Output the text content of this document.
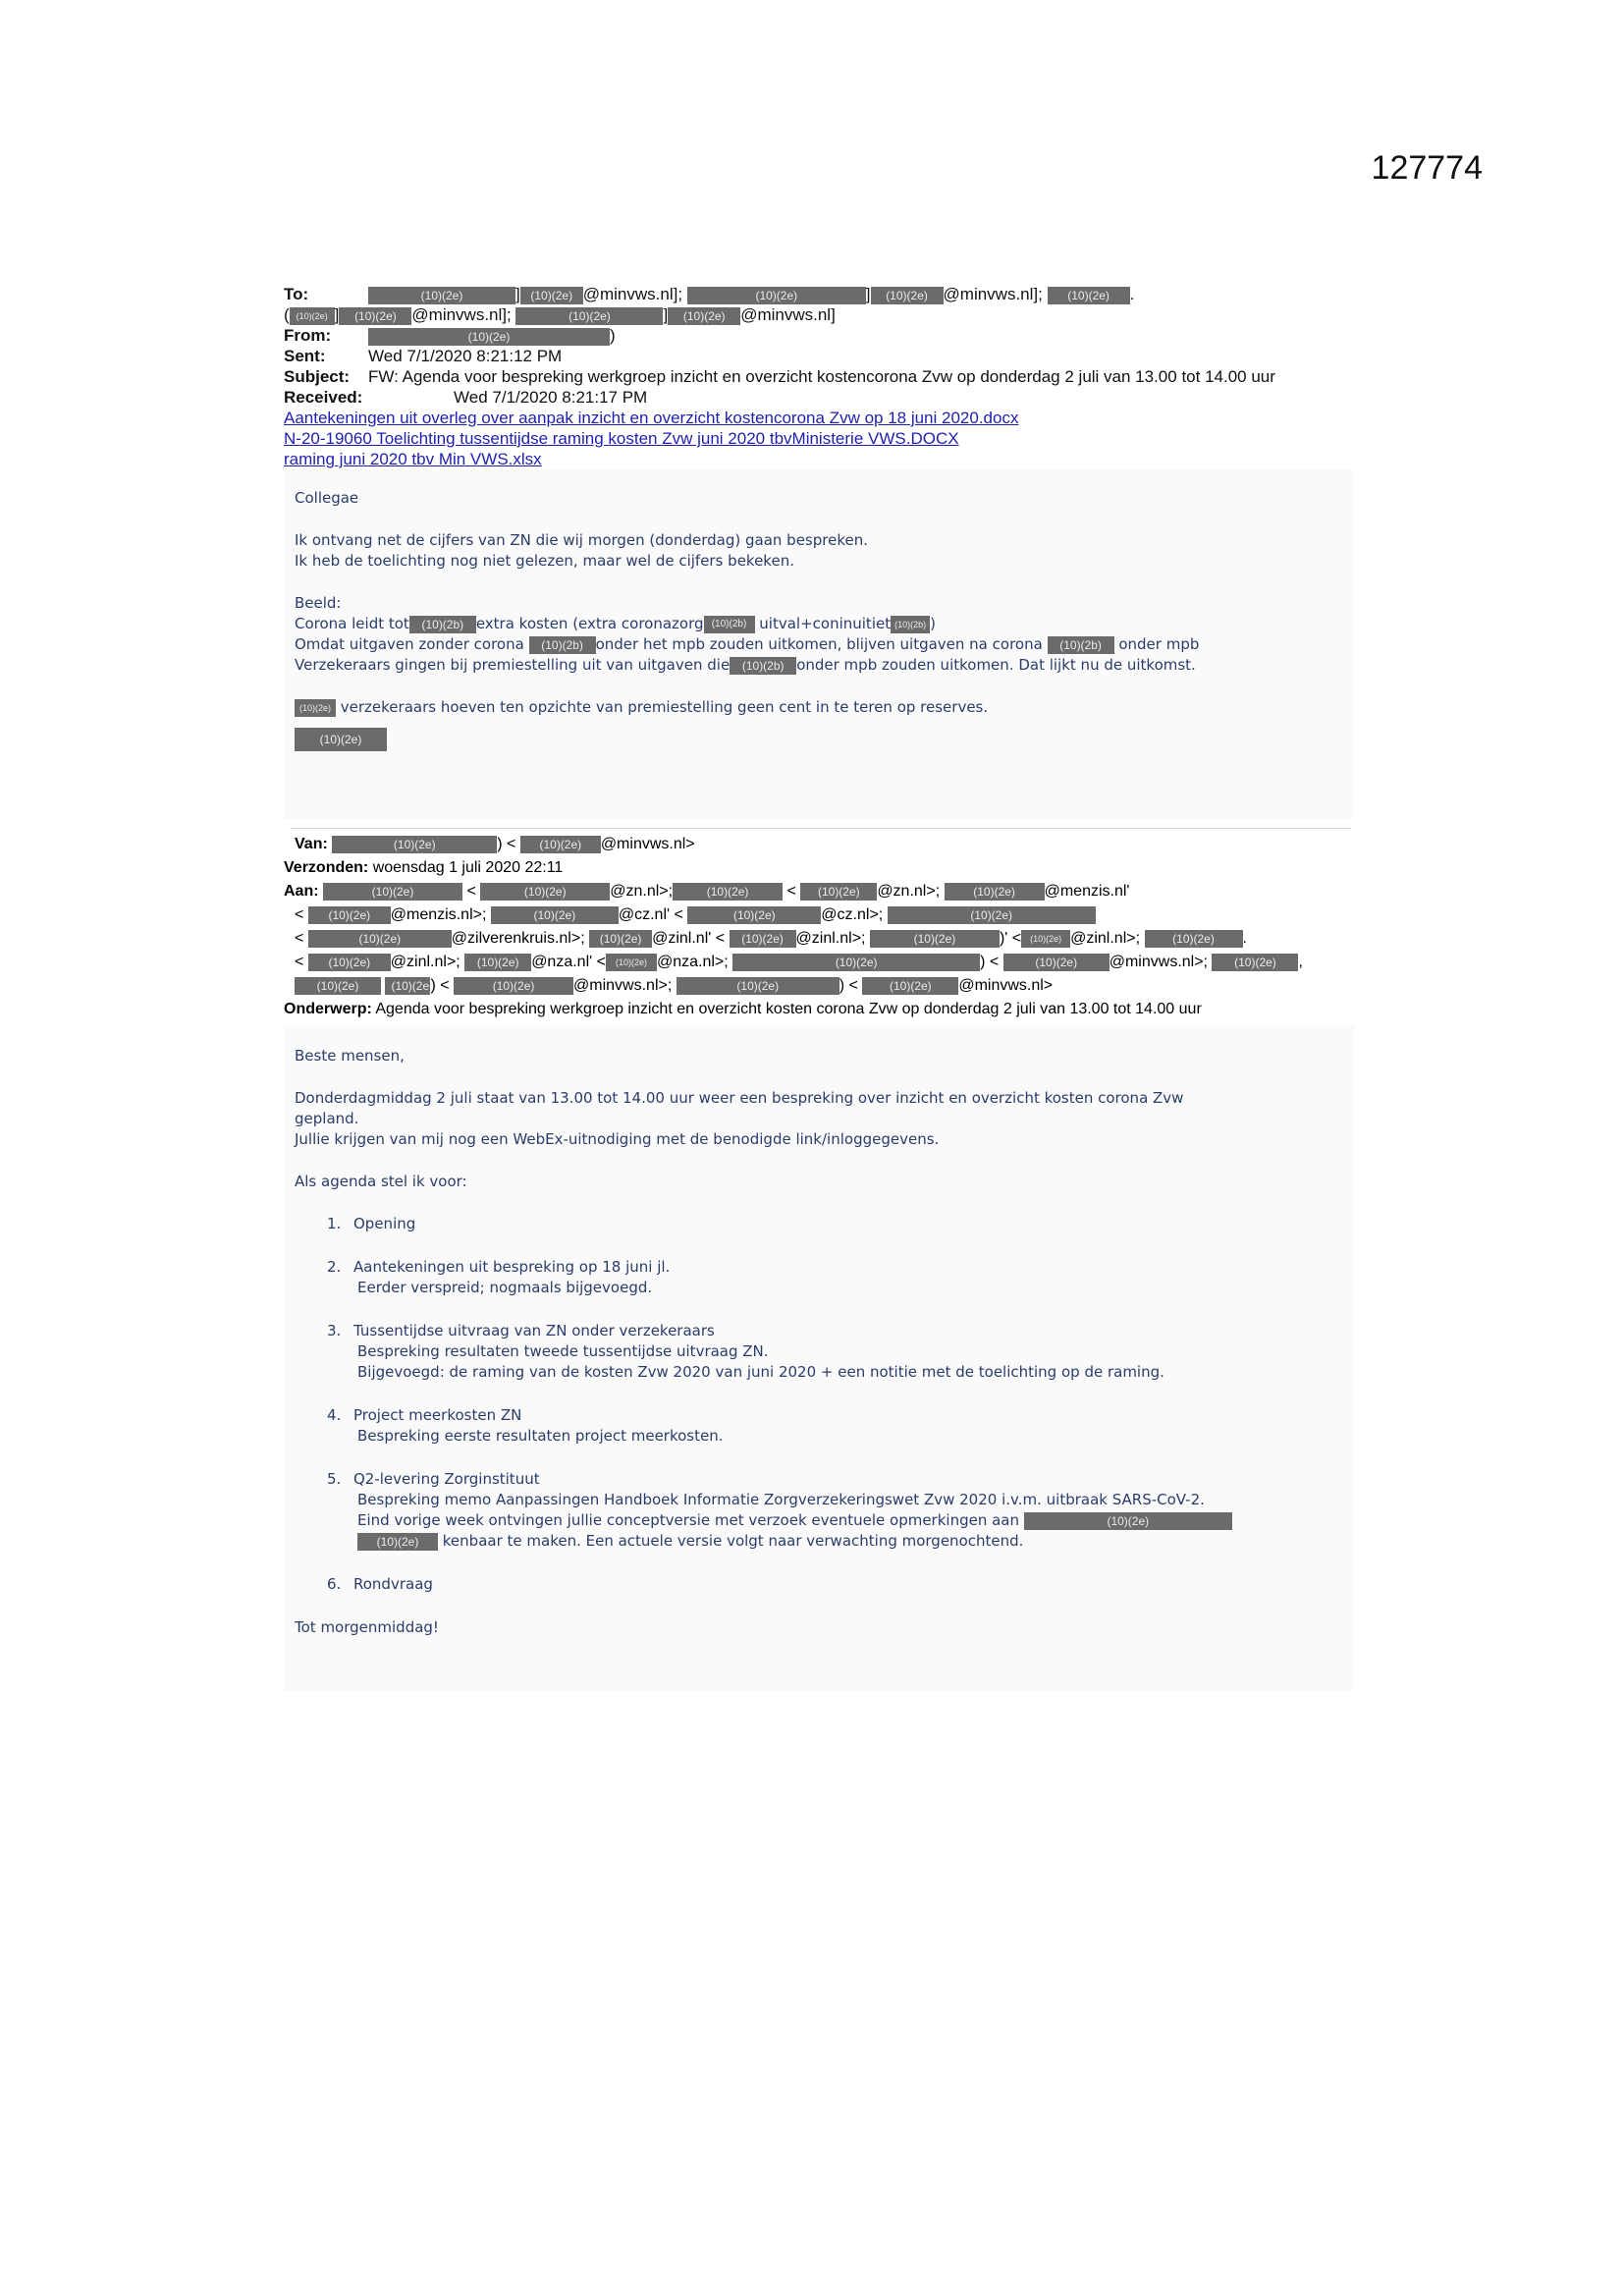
127774
To:	(10)(2e)	] (10)(2e) @minvws.nl];	(10)(2e)	] (10)(2e) @minvws.nl]; (10)(2e) .
( (10)(2e) ] (10)(2e) @minvws.nl];	(10)(2e)	] (10)(2e) @minvws.nl]
From:	(10)(2e)	)
Sent:	Wed 7/1/2020 8:21:12 PM
Subject: FW: Agenda voor bespreking werkgroep inzicht en overzicht kostencorona Zvw op donderdag 2 juli van 13.00 tot 14.00 uur
Received:	Wed 7/1/2020 8:21:17 PM
Aantekeningen uit overleg over aanpak inzicht en overzicht kostencorona Zvw op 18 juni 2020.docx
N-20-19060 Toelichting tussentijdse raming kosten Zvw juni 2020 tbvMinisterie VWS.DOCX
raming juni 2020 tbv Min VWS.xlsx

Collegae

Ik ontvang net de cijfers van ZN die wij morgen (donderdag) gaan bespreken.

Ik heb de toelichting nog niet gelezen, maar wel de cijfers bekeken.

Beeld:

Corona leidt tot (10)(2b) extra kosten (extra coronazorg (10)(2b) uitval+coninuitiet (10)(2b) )

Omdat uitgaven zonder corona (10)(2b) onder het mpb zouden uitkomen, blijven uitgaven na corona (10)(2b) onder mpb

Verzekeraars gingen bij premiestelling uit van uitgaven die (10)(2b) onder mpb zouden uitkomen. Dat lijkt nu de uitkomst.

(10)(2e) verzekeraars hoeven ten opzichte van premiestelling geen cent in te teren op reserves.

(10)(2e)

Van:	(10)(2e)	) < (10)(2e) @minvws.nl>
Verzonden: woensdag 1 juli 2020 22:11
Aan:	(10)(2e)	<	(10)(2e)	@zn.nl>;	(10)(2e) < (10)(2e) @zn.nl>;	(10)(2e) @menzis.nl'
< (10)(2e) @menzis.nl>;	(10)(2e)	@cz.nl' <	(10)(2e)	@cz.nl>;	(10)(2e)
<	(10)(2e)	@zilverenkruis.nl>; (10)(2e) @zinl.nl' < (10)(2e) @zinl.nl>;	(10)(2e)	)' < (10)(2e) @zinl.nl>;	(10)(2e) .
< (10)(2e) @zinl.nl>; (10)(2e) @nza.nl' < (10)(2e) @nza.nl>;	(10)(2e)	) <	(10)(2e) @minvws.nl>; (10)(2e) ,
(10)(2e)	(10)(2e)) <	(10)(2e) @minvws.nl>;	(10)(2e)	) <	(10)(2e) @minvws.nl>
Onderwerp: Agenda voor bespreking werkgroep inzicht en overzicht kosten corona Zvw op donderdag 2 juli van 13.00 tot 14.00 uur

Beste mensen,

Donderdagmiddag 2 juli staat van 13.00 tot 14.00 uur weer een bespreking over inzicht en overzicht kosten corona Zvw

gepland.

Jullie krijgen van mij nog een WebEx-uitnodiging met de benodigde link/inloggegevens.

Als agenda stel ik voor:

1. Opening

2. Aantekeningen uit bespreking op 18 juni jl.

Eerder verspreid; nogmaals bijgevoegd.

3. Tussentijdse uitvraag van ZN onder verzekeraars

Bespreking resultaten tweede tussentijdse uitvraag ZN.

Bijgevoegd: de raming van de kosten Zvw 2020 van juni 2020 + een notitie met de toelichting op de raming.

4. Project meerkosten ZN

Bespreking eerste resultaten project meerkosten.

5. Q2-levering Zorginstituut

Bespreking memo Aanpassingen Handboek Informatie Zorgverzekeringswet Zvw 2020 i.v.m. uitbraak SARS-CoV-2.

Eind vorige week ontvingen jullie conceptversie met verzoek eventuele opmerkingen aan	(10)(2e)

(10)(2e) kenbaar te maken. Een actuele versie volgt naar verwachting morgenochtend.

6. Rondvraag

Tot morgenmiddag!
